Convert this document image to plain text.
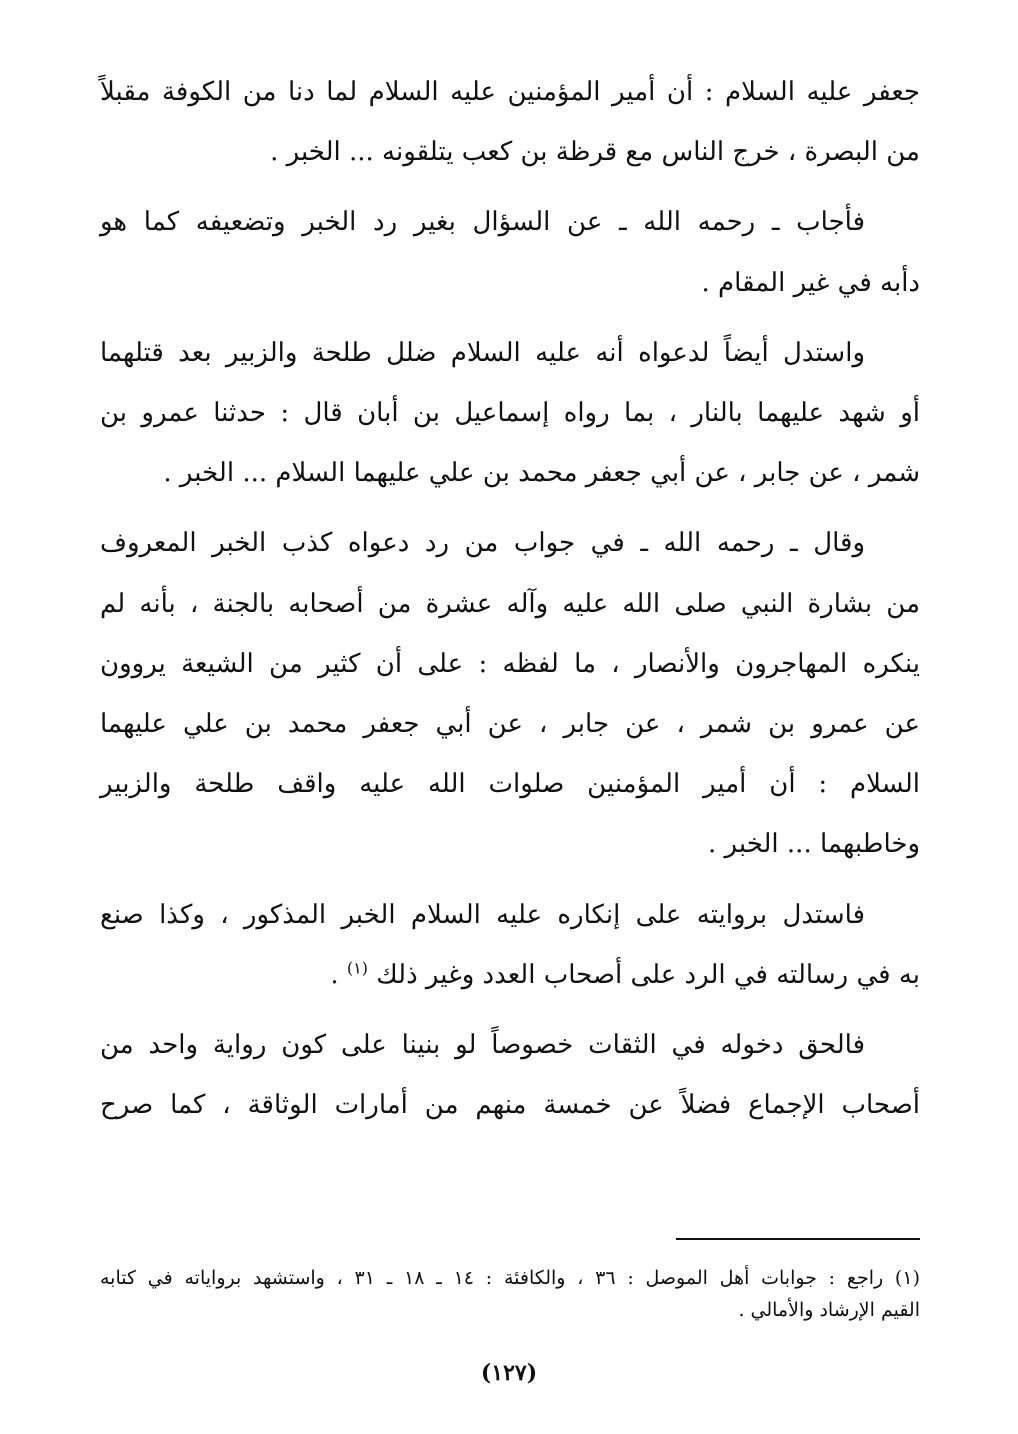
جعفر عليه السلام : أن أمير المؤمنين عليه السلام لما دنا من الكوفة مقبلاً
من البصرة ، خرج الناس مع قرظة بن كعب يتلقونه ... الخبر .

فأجاب ـ رحمه الله ـ عن السؤال بغير رد الخبر وتضعيفه كما هو
دأبه في غير المقام .

واستدل أيضاً لدعواه أنه عليه السلام ضلل طلحة والزبير بعد قتلهما
أو شهد عليهما بالنار ، بما رواه إسماعيل بن أبان قال : حدثنا عمرو بن
شمر ، عن جابر ، عن أبي جعفر محمد بن علي عليهما السلام ... الخبر .

وقال ـ رحمه الله ـ في جواب من رد دعواه كذب الخبر المعروف
من بشارة النبي صلى الله عليه وآله عشرة من أصحابه بالجنة ، بأنه لم
ينكره المهاجرون والأنصار ، ما لفظه : على أن كثير من الشيعة يروون
عن عمرو بن شمر ، عن جابر ، عن أبي جعفر محمد بن علي عليهما
السلام : أن أمير المؤمنين صلوات الله عليه واقف طلحة والزبير
وخاطبهما ... الخبر .

فاستدل بروايته على إنكاره عليه السلام الخبر المذكور ، وكذا صنع
به في رسالته في الرد على أصحاب العدد وغير ذلك $^{(١)}$ .

فالحق دخوله في الثقات خصوصاً لو بنينا على كون رواية واحد من
أصحاب الإجماع فضلاً عن خمسة منهم من أمارات الوثاقة ، كما صرح

(١) راجع : جوابات أهل الموصل : ٣٦ ، والكافئة : ١٤ ـ ١٨ ـ ٣١ ، واستشهد برواياته في كتابه
القيم الإرشاد والأمالي .
(١٢٧)
